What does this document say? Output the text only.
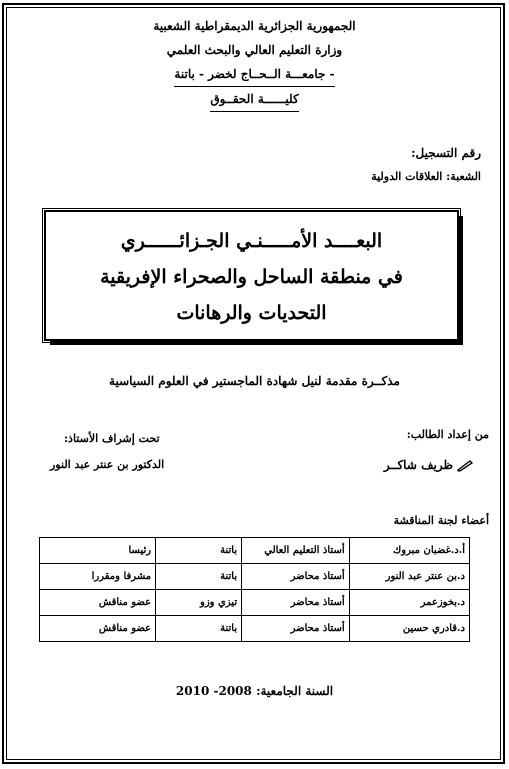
الجمهورية الجزائرية الديمقراطية الشعبية
وزارة التعليم العالي والبحث العلمي
جامعـــة الــحــاج لخضر - باتنة -
كليــــــة الحقــوق
رقم التسجيل:
الشعبة: العلاقات الدولية
البعــــد الأمـــــنـي الجـزائــــــري
في منطقة الساحل والصحراء الإفريقية
التحديات والرهانات
مذكــرة مقدمة لنيل شهادة الماجستير في العلوم السياسية
من إعداد الطالب:
ظريف شاكــر
تحت إشراف الأستاذ:
الدكتور بن عنتر عبد النور
أعضاء لجنة المناقشة
أ.د.غضبان مبروك	أستاذ التعليم العالي	باتنة	رئيسا
د.بن عنتر عبد النور	أستاذ محاضر	باتنة	مشرفا ومقررا
د.بخوزعمر	أستاذ محاضر	تيزي وزو	عضو مناقش
د.قادري حسين	أستاذ محاضر	باتنة	عضو مناقش
السنة الجامعية: 2008- 2010
